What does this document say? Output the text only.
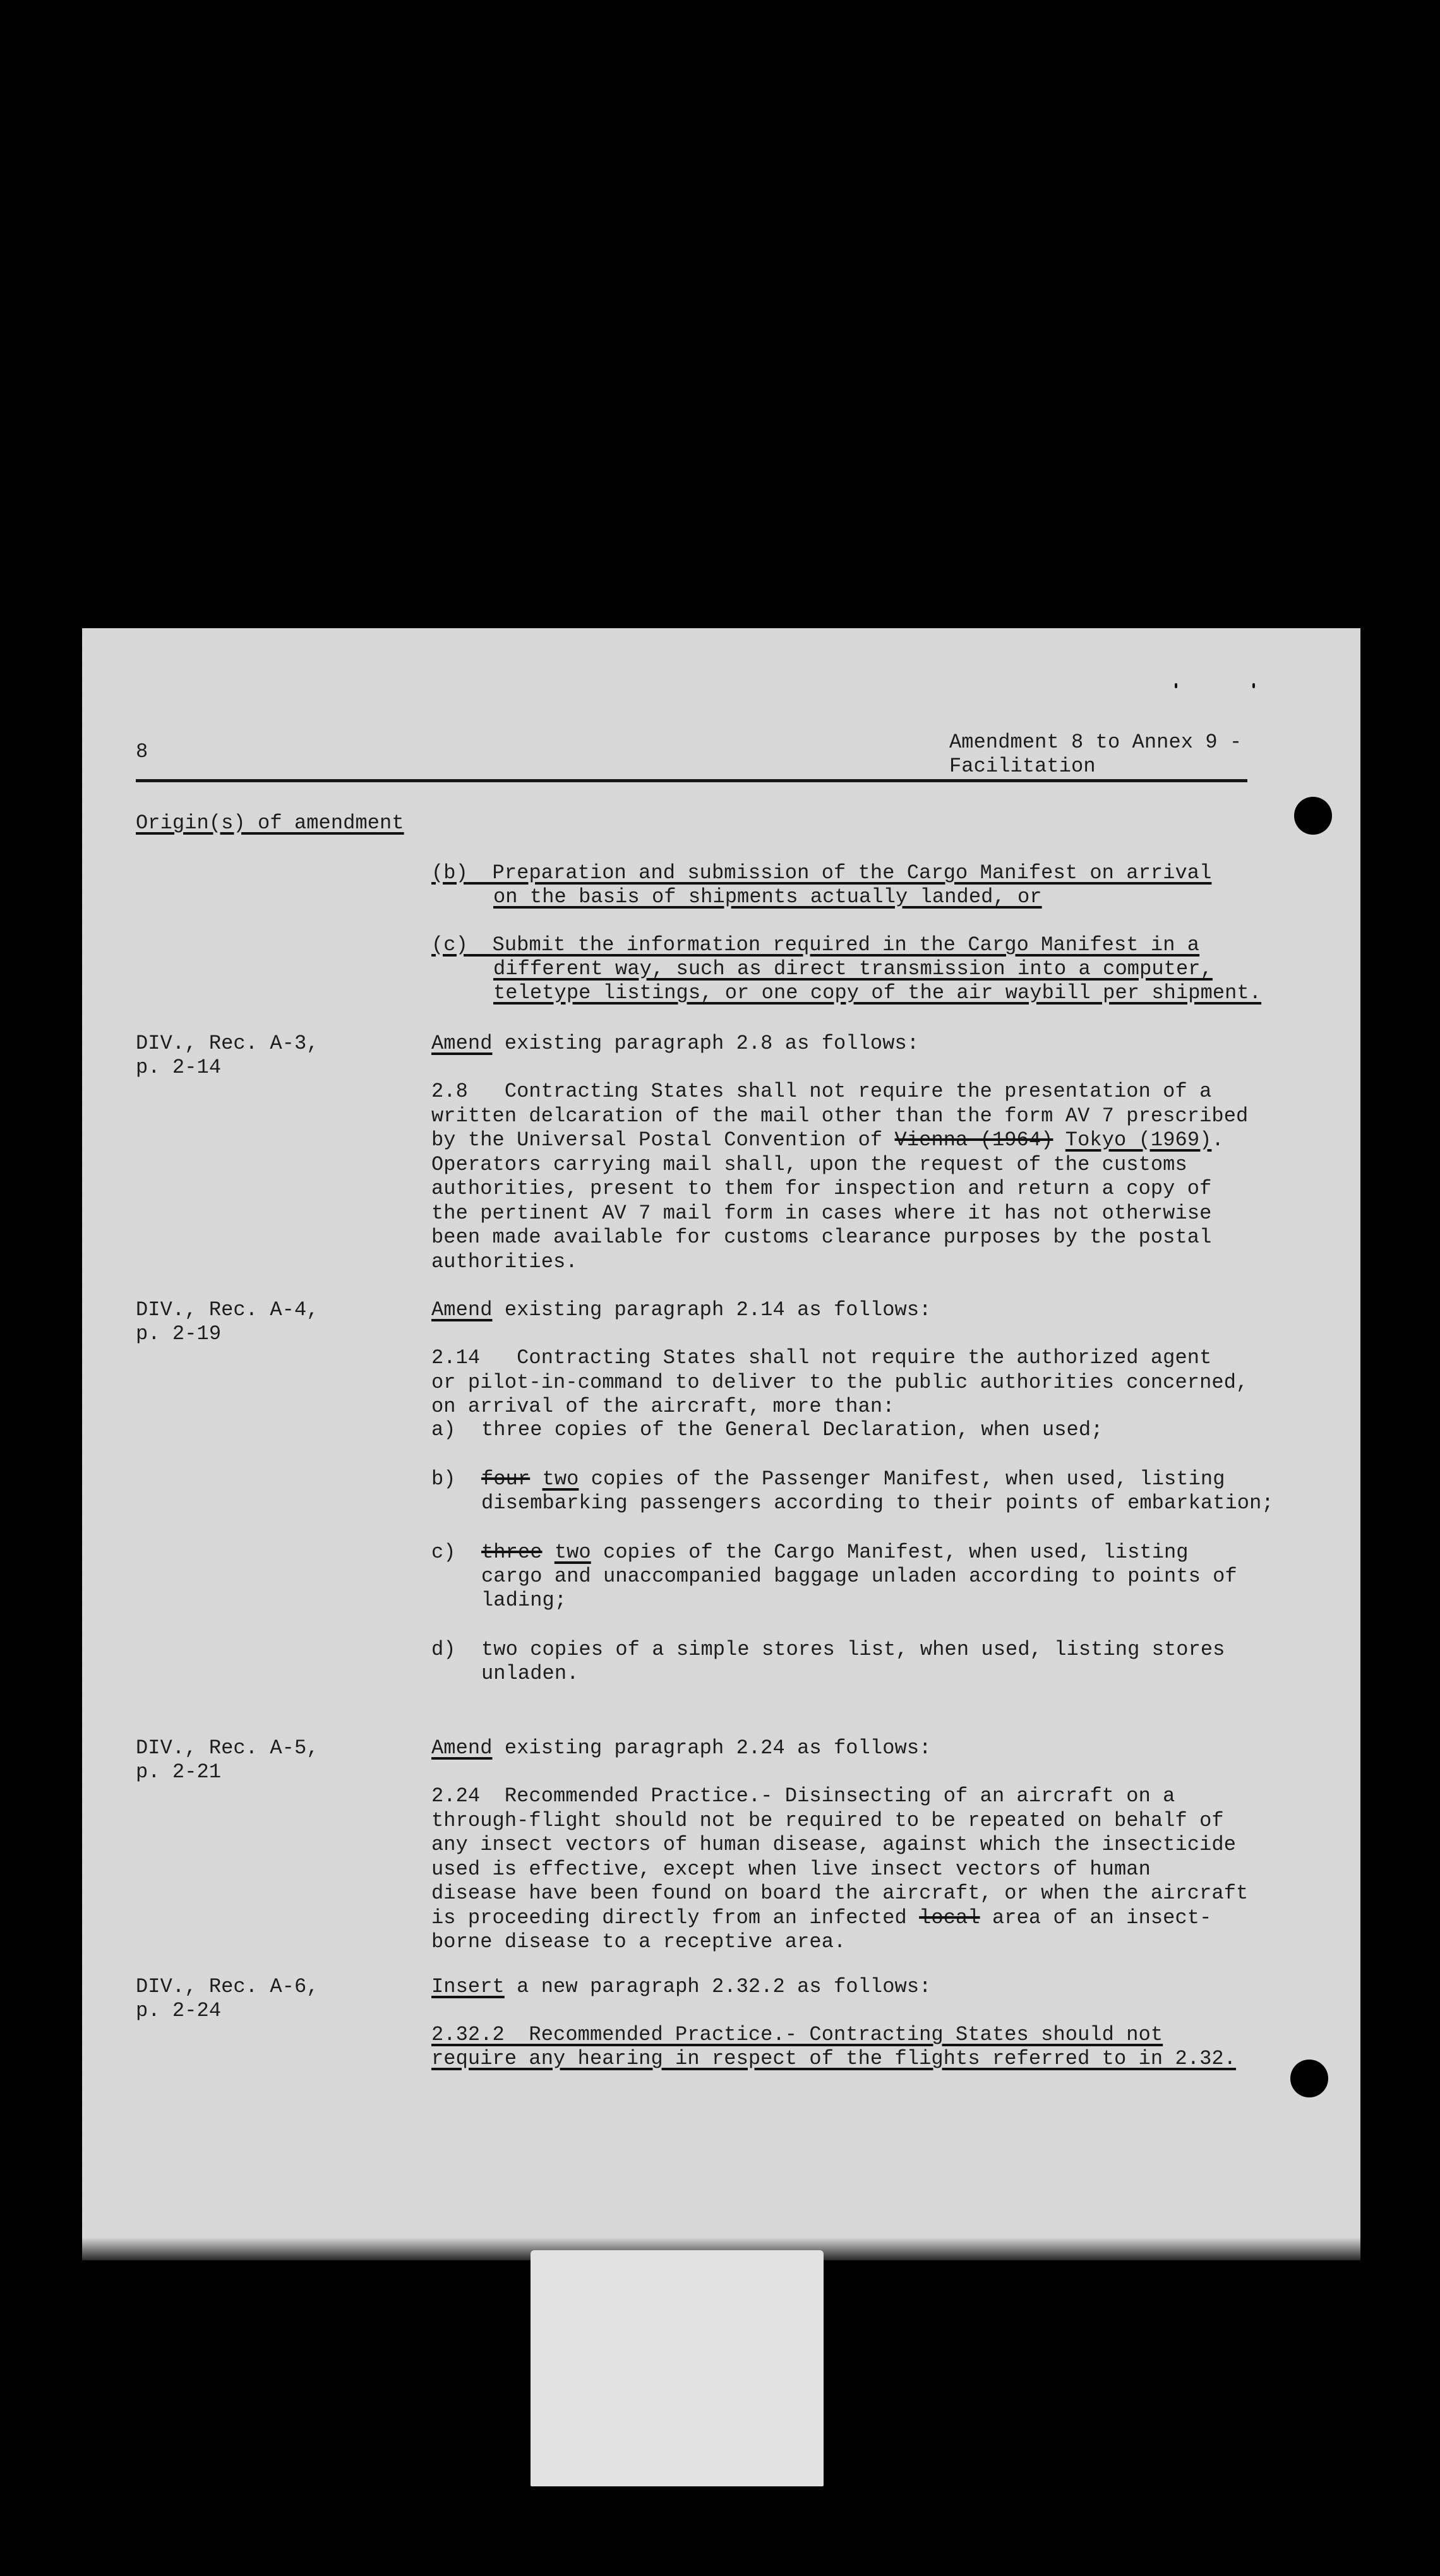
8	Amendment 8 to Annex 9 -
Facilitation
Origin(s) of amendment
(b) Preparation and submission of the Cargo Manifest on arrival
on the basis of shipments actually landed, or
(c) Submit the information required in the Cargo Manifest in a
different way, such as direct transmission into a computer,
teletype listings, or one copy of the air waybill per shipment.
DIV., Rec. A-3,
p. 2-14
Amend existing paragraph 2.8 as follows:
2.8   Contracting States shall not require the presentation of a
written delcaration of the mail other than the form AV 7 prescribed
by the Universal Postal Convention of Vienna (1964) Tokyo (1969).
Operators carrying mail shall, upon the request of the customs
authorities, present to them for inspection and return a copy of
the pertinent AV 7 mail form in cases where it has not otherwise
been made available for customs clearance purposes by the postal
authorities.
DIV., Rec. A-4,
p. 2-19
Amend existing paragraph 2.14 as follows:
2.14   Contracting States shall not require the authorized agent
or pilot-in-command to deliver to the public authorities concerned,
on arrival of the aircraft, more than:
a) three copies of the General Declaration, when used;
b) four two copies of the Passenger Manifest, when used, listing
disembarking passengers according to their points of embarkation;
c) three two copies of the Cargo Manifest, when used, listing
cargo and unaccompanied baggage unladen according to points of
lading;
d) two copies of a simple stores list, when used, listing stores
unladen.
DIV., Rec. A-5,
p. 2-21
Amend existing paragraph 2.24 as follows:
2.24  Recommended Practice.- Disinsecting of an aircraft on a
through-flight should not be required to be repeated on behalf of
any insect vectors of human disease, against which the insecticide
used is effective, except when live insect vectors of human
disease have been found on board the aircraft, or when the aircraft
is proceeding directly from an infected local area of an insect-
borne disease to a receptive area.
DIV., Rec. A-6,
p. 2-24
Insert a new paragraph 2.32.2 as follows:
2.32.2  Recommended Practice.- Contracting States should not
require any hearing in respect of the flights referred to in 2.32.
